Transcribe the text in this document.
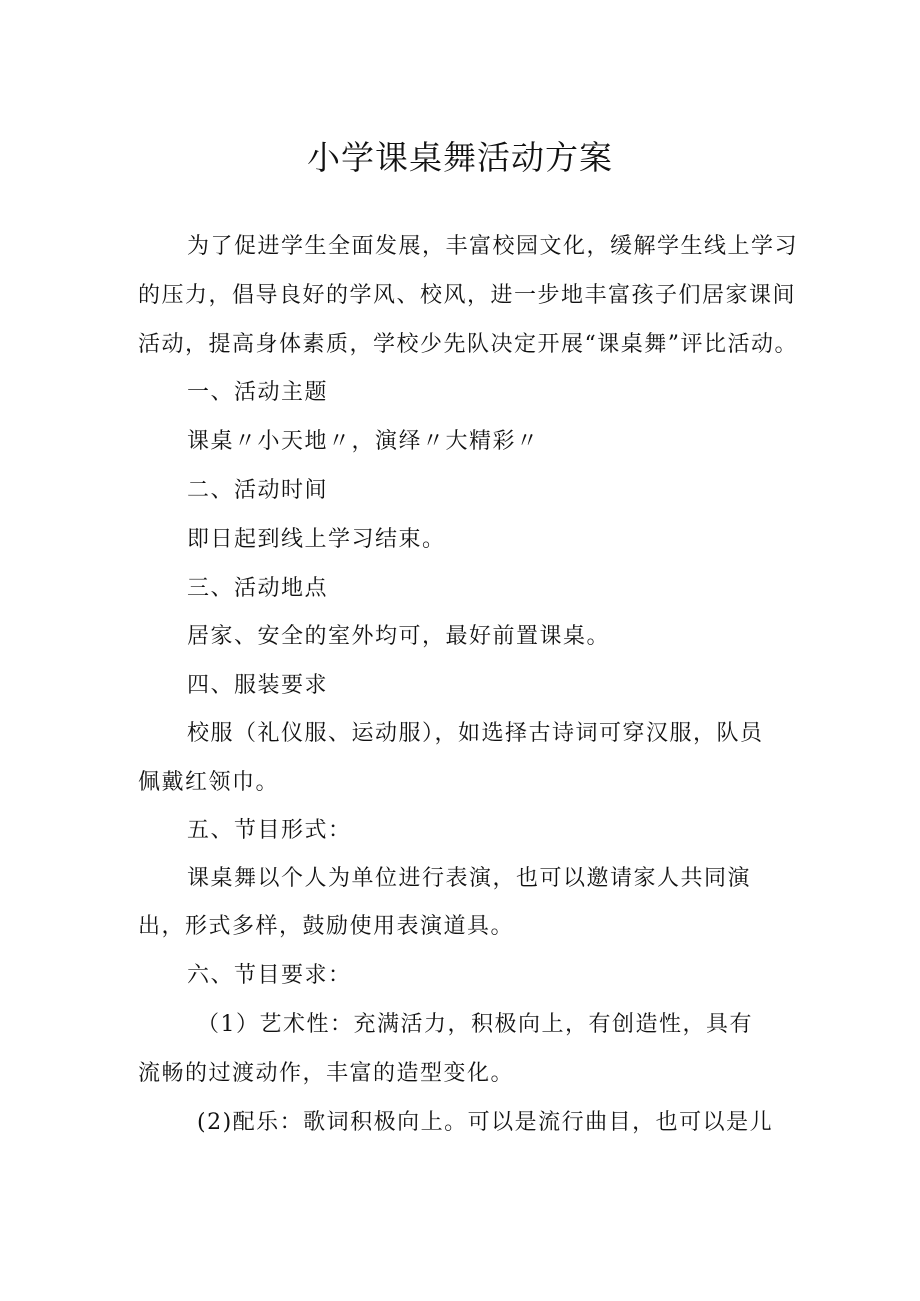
小学课桌舞活动方案
为了促进学生全面发展，丰富校园文化，缓解学生线上学习
的压力，倡导良好的学风、校风，进一步地丰富孩子们居家课间
活动，提高身体素质，学校少先队决定开展“课桌舞”评比活动。
一、活动主题
课桌〃小天地〃，演绎〃大精彩〃
二、活动时间
即日起到线上学习结束。
三、活动地点
居家、安全的室外均可，最好前置课桌。
四、服装要求
校服（礼仪服、运动服），如选择古诗词可穿汉服，队员
佩戴红领巾。
五、节目形式：
课桌舞以个人为单位进行表演，也可以邀请家人共同演
出，形式多样，鼓励使用表演道具。
六、节目要求：
（1）艺术性：充满活力，积极向上，有创造性，具有
流畅的过渡动作，丰富的造型变化。
(2)配乐：歌词积极向上。可以是流行曲目，也可以是儿
